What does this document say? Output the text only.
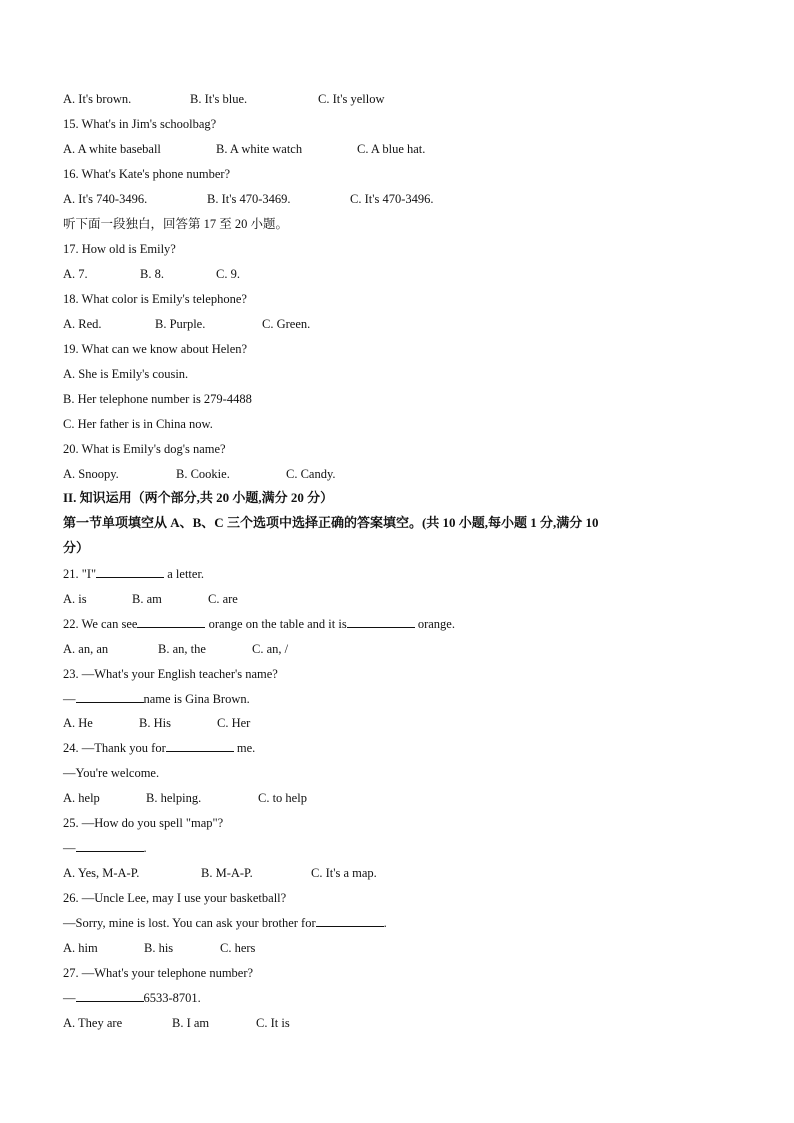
A. It's brown.	B. It's blue.	C. It's yellow
15. What's in Jim's schoolbag?
A. A white baseball	B. A white watch	C. A blue hat.
16. What's Kate's phone number?
A. It's 740-3496.	B. It's 470-3469.	C. It's 470-3496.
听下面一段独白，回答第 17 至 20 小题。
17. How old is Emily?
A. 7.	B. 8.	C. 9.
18. What color is Emily's telephone?
A. Red.	B. Purple.	C. Green.
19. What can we know about Helen?
A. She is Emily's cousin.
B. Her telephone number is 279-4488
C. Her father is in China now.
20. What is Emily's dog's name?
A. Snoopy.	B. Cookie.	C. Candy.
II. 知识运用（两个部分,共 20 小题,满分 20 分）
第一节单项填空从 A、B、C 三个选项中选择正确的答案填空。(共 10 小题,每小题 1 分,满分 10
分）
21. "I"	a letter.
A. is	B. am	C. are
22. We can see	orange on the table and it is	orange.
A. an, an	B. an, the	C. an, /
23. —What's your English teacher's name?
—	name is Gina Brown.
A. He	B. His	C. Her
24. —Thank you for	me.
—You're welcome.
A. help	B. helping.	C. to help
25. —How do you spell "map"?
—	.
A. Yes, M-A-P.	B. M-A-P.	C. It's a map.
26. —Uncle Lee, may I use your basketball?
—Sorry, mine is lost. You can ask your brother for	.
A. him	B. his	C. hers
27. —What's your telephone number?
—	6533-8701.
A. They are	B. I am	C. It is
